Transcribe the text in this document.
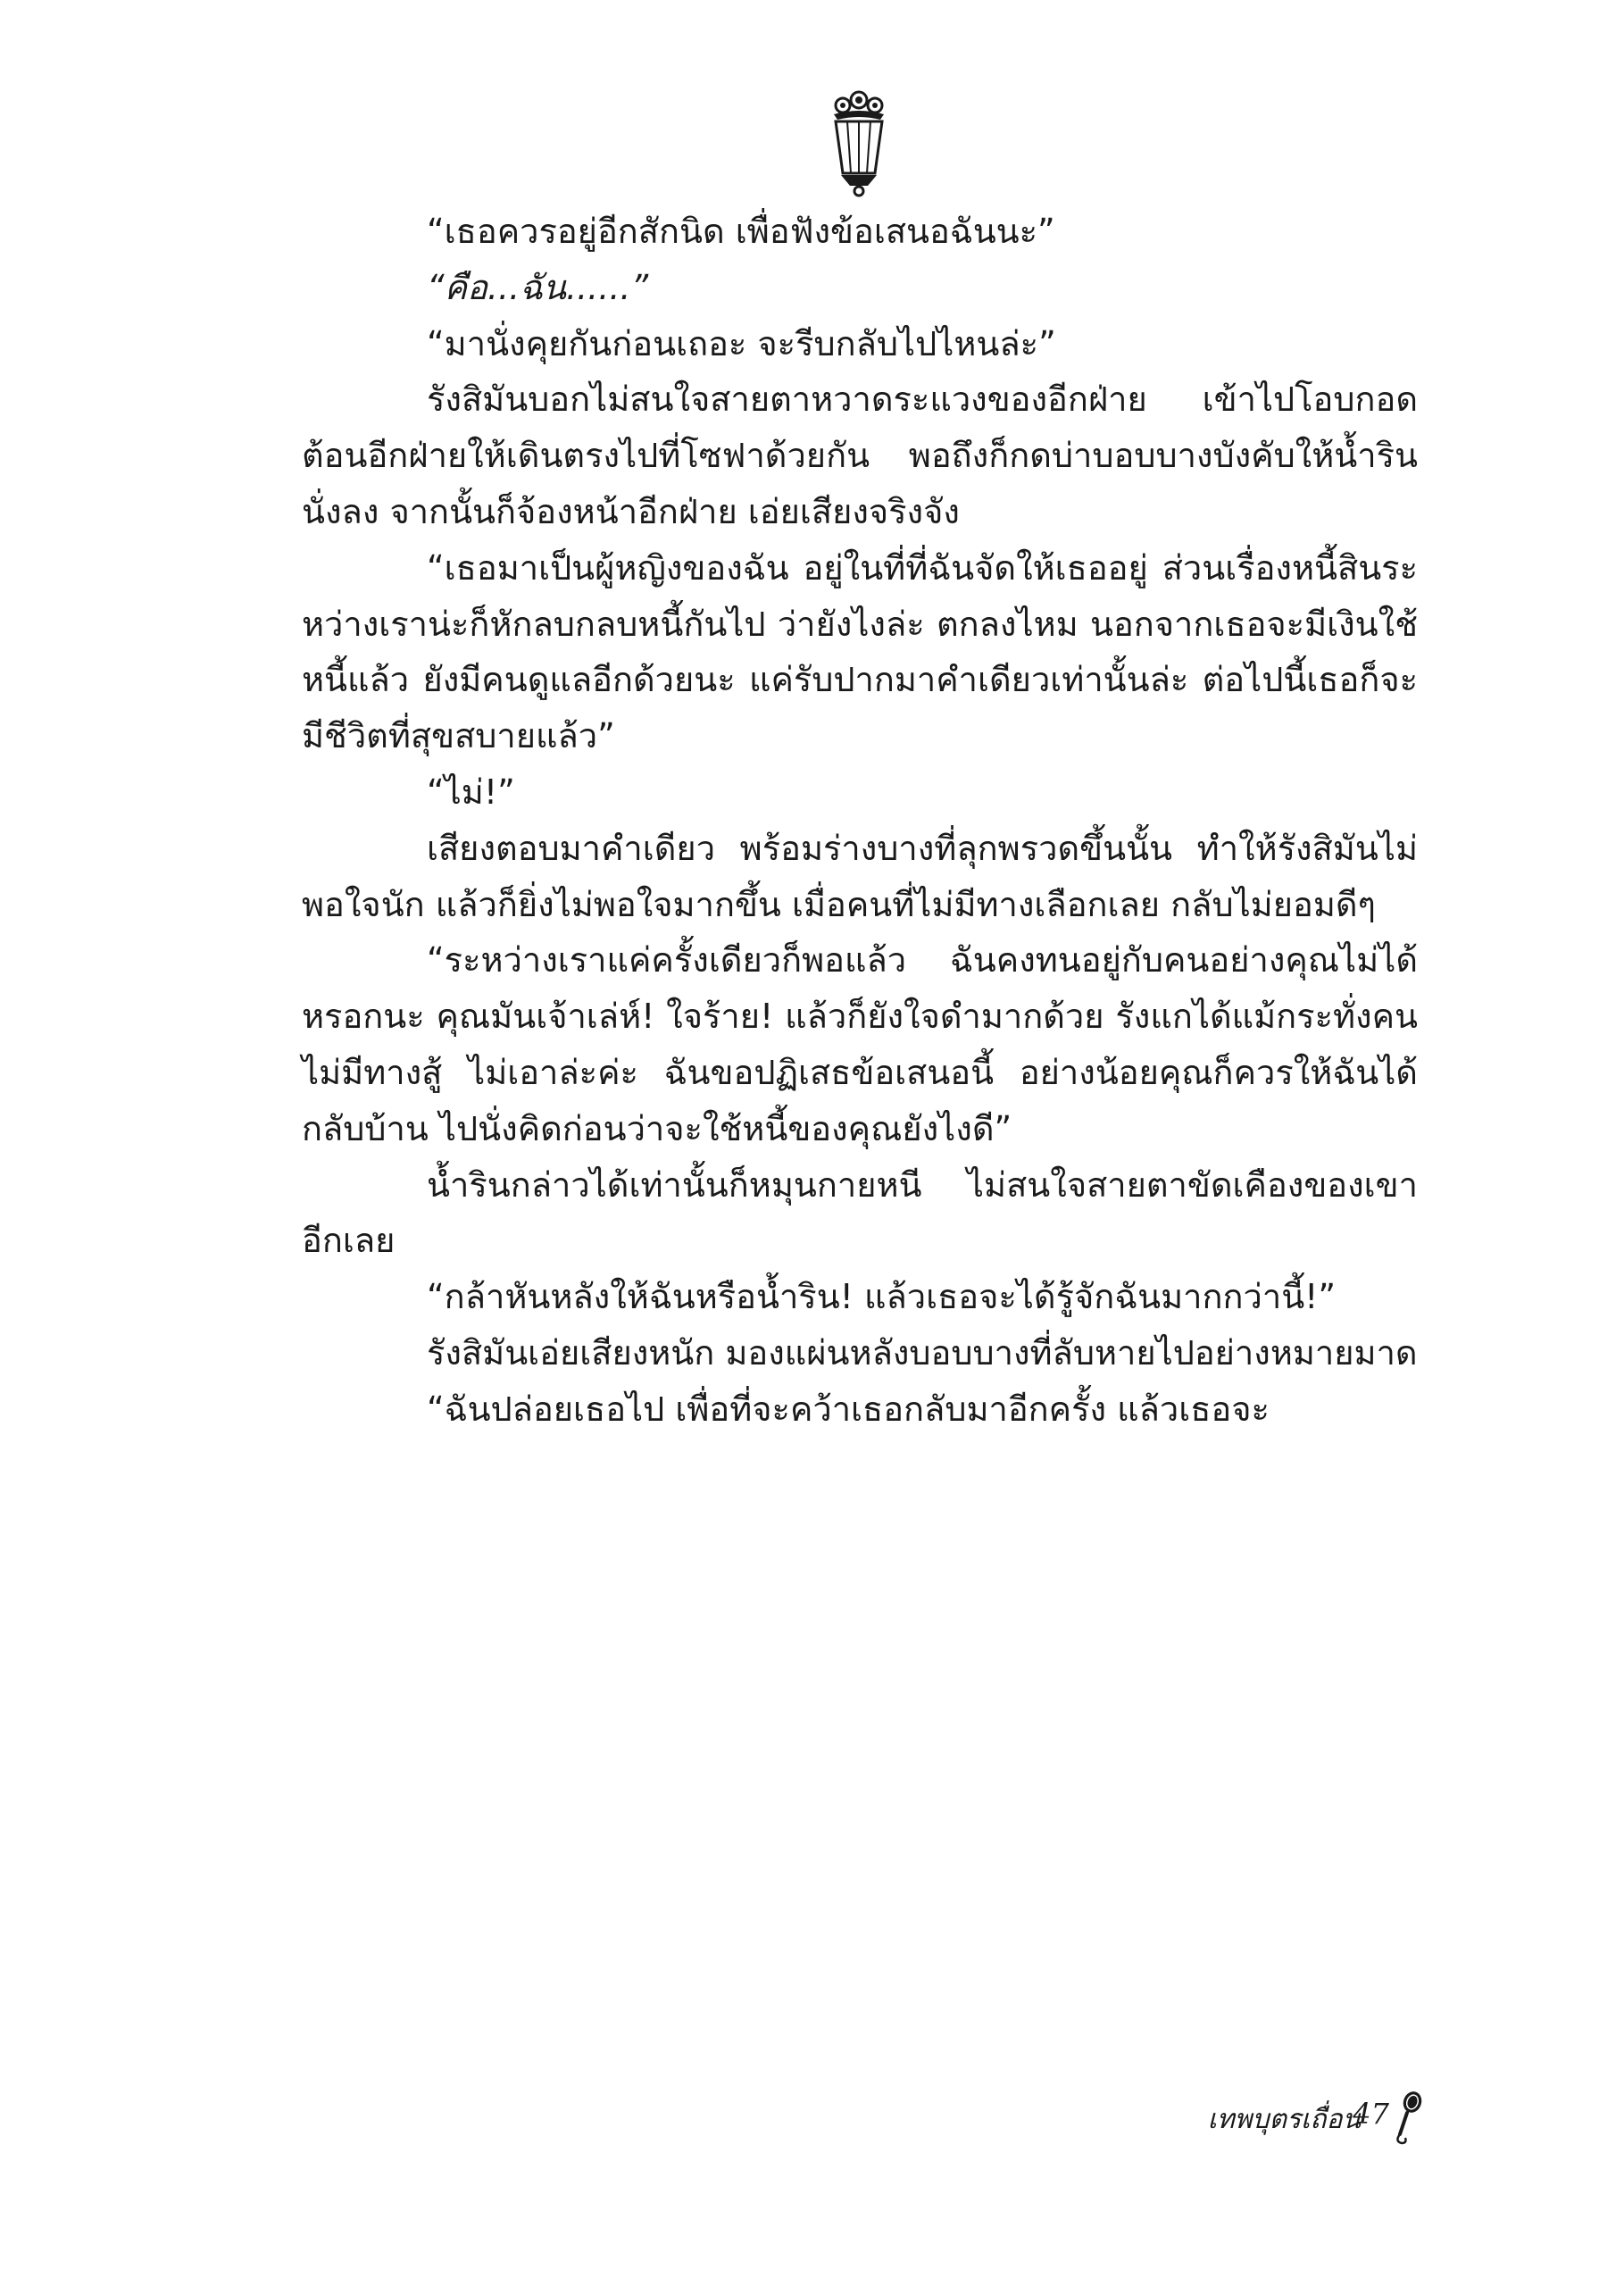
“เธอควรอยู่อีกสักนิด เพื่อฟังข้อเสนอฉันนะ”

“คือ...ฉัน......”

“มานั่งคุยกันก่อนเถอะ จะรีบกลับไปไหนล่ะ”

รังสิมันบอกไม่สนใจสายตาหวาดระแวงของอีกฝ่าย เข้าไปโอบกอดต้อนอีกฝ่ายให้เดินตรงไปที่โซฟาด้วยกัน พอถึงก็กดบ่าบอบบางบังคับให้น้ำรินนั่งลง จากนั้นก็จ้องหน้าอีกฝ่าย เอ่ยเสียงจริงจัง

“เธอมาเป็นผู้หญิงของฉัน อยู่ในที่ที่ฉันจัดให้เธออยู่ ส่วนเรื่องหนี้สินระหว่างเราน่ะก็หักลบกลบหนี้กันไป ว่ายังไงล่ะ ตกลงไหม นอกจากเธอจะมีเงินใช้หนี้แล้ว ยังมีคนดูแลอีกด้วยนะ แค่รับปากมาคำเดียวเท่านั้นล่ะ ต่อไปนี้เธอก็จะมีชีวิตที่สุขสบายแล้ว”

“ไม่!”

เสียงตอบมาคำเดียว พร้อมร่างบางที่ลุกพรวดขึ้นนั้น ทำให้รังสิมันไม่พอใจนัก แล้วก็ยิ่งไม่พอใจมากขึ้น เมื่อคนที่ไม่มีทางเลือกเลย กลับไม่ยอมดีๆ

“ระหว่างเราแค่ครั้งเดียวก็พอแล้ว ฉันคงทนอยู่กับคนอย่างคุณไม่ได้หรอกนะ คุณมันเจ้าเล่ห์! ใจร้าย! แล้วก็ยังใจดำมากด้วย รังแกได้แม้กระทั่งคนไม่มีทางสู้ ไม่เอาล่ะค่ะ ฉันขอปฏิเสธข้อเสนอนี้ อย่างน้อยคุณก็ควรให้ฉันได้กลับบ้าน ไปนั่งคิดก่อนว่าจะใช้หนี้ของคุณยังไงดี”

น้ำรินกล่าวได้เท่านั้นก็หมุนกายหนี ไม่สนใจสายตาขัดเคืองของเขาอีกเลย

“กล้าหันหลังให้ฉันหรือน้ำริน! แล้วเธอจะได้รู้จักฉันมากกว่านี้!”

รังสิมันเอ่ยเสียงหนัก มองแผ่นหลังบอบบางที่ลับหายไปอย่างหมายมาด

“ฉันปล่อยเธอไป เพื่อที่จะคว้าเธอกลับมาอีกครั้ง แล้วเธอจะ

เทพบุตรเถื่อน
47
